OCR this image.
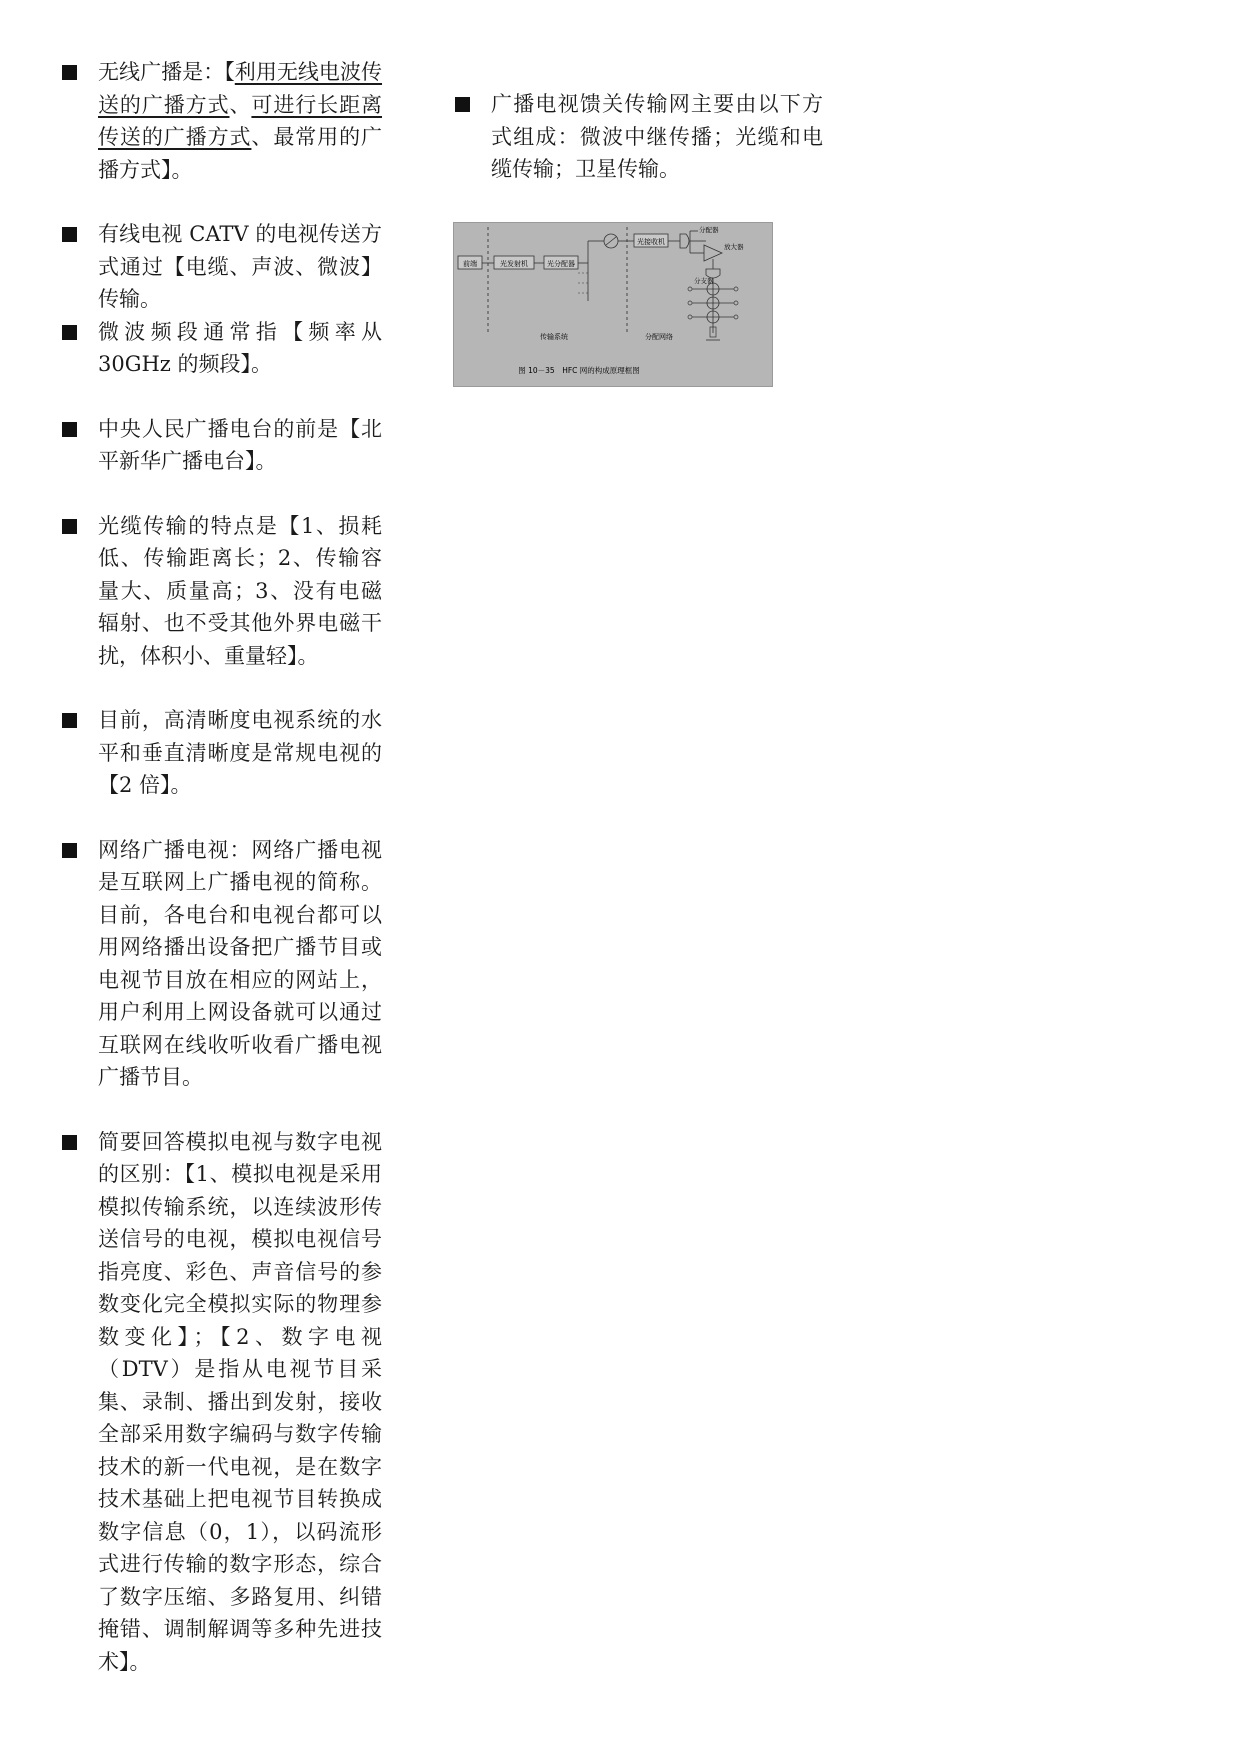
无线广播是：【利用无线电波传送的广播方式、可进行长距离传送的广播方式、最常用的广播方式】。
有线电视 CATV 的电视传送方式通过【电缆、声波、微波】传输。
微波频段通常指【频率从 30GHz 的频段】。
中央人民广播电台的前是【北平新华广播电台】。
光缆传输的特点是【1、损耗低、传输距离长；2、传输容量大、质量高；3、没有电磁辐射、也不受其他外界电磁干扰，体积小、重量轻】。
目前，高清晰度电视系统的水平和垂直清晰度是常规电视的【2 倍】。
网络广播电视：网络广播电视是互联网上广播电视的简称。目前，各电台和电视台都可以用网络播出设备把广播节目或电视节目放在相应的网站上，用户利用上网设备就可以通过互联网在线收听收看广播电视广播节目。
简要回答模拟电视与数字电视的区别：【1、模拟电视是采用模拟传输系统，以连续波形传送信号的电视，模拟电视信号指亮度、彩色、声音信号的参数变化完全模拟实际的物理参数变化】；【2、数字电视（DTV）是指从电视节目采集、录制、播出到发射，接收全部采用数字编码与数字传输技术的新一代电视，是在数字技术基础上把电视节目转换成数字信息（0，1），以码流形式进行传输的数字形态，综合了数字压缩、多路复用、纠错掩错、调制解调等多种先进技术】。
广播电视馈关传输网主要由以下方式组成：微波中继传播；光缆和电缆传输；卫星传输。
前端	光发射机	光分配器
光接收机
分配器
放大器
分支器
传输系统	分配网络
图 10－35　HFC 网的构成原理框图
